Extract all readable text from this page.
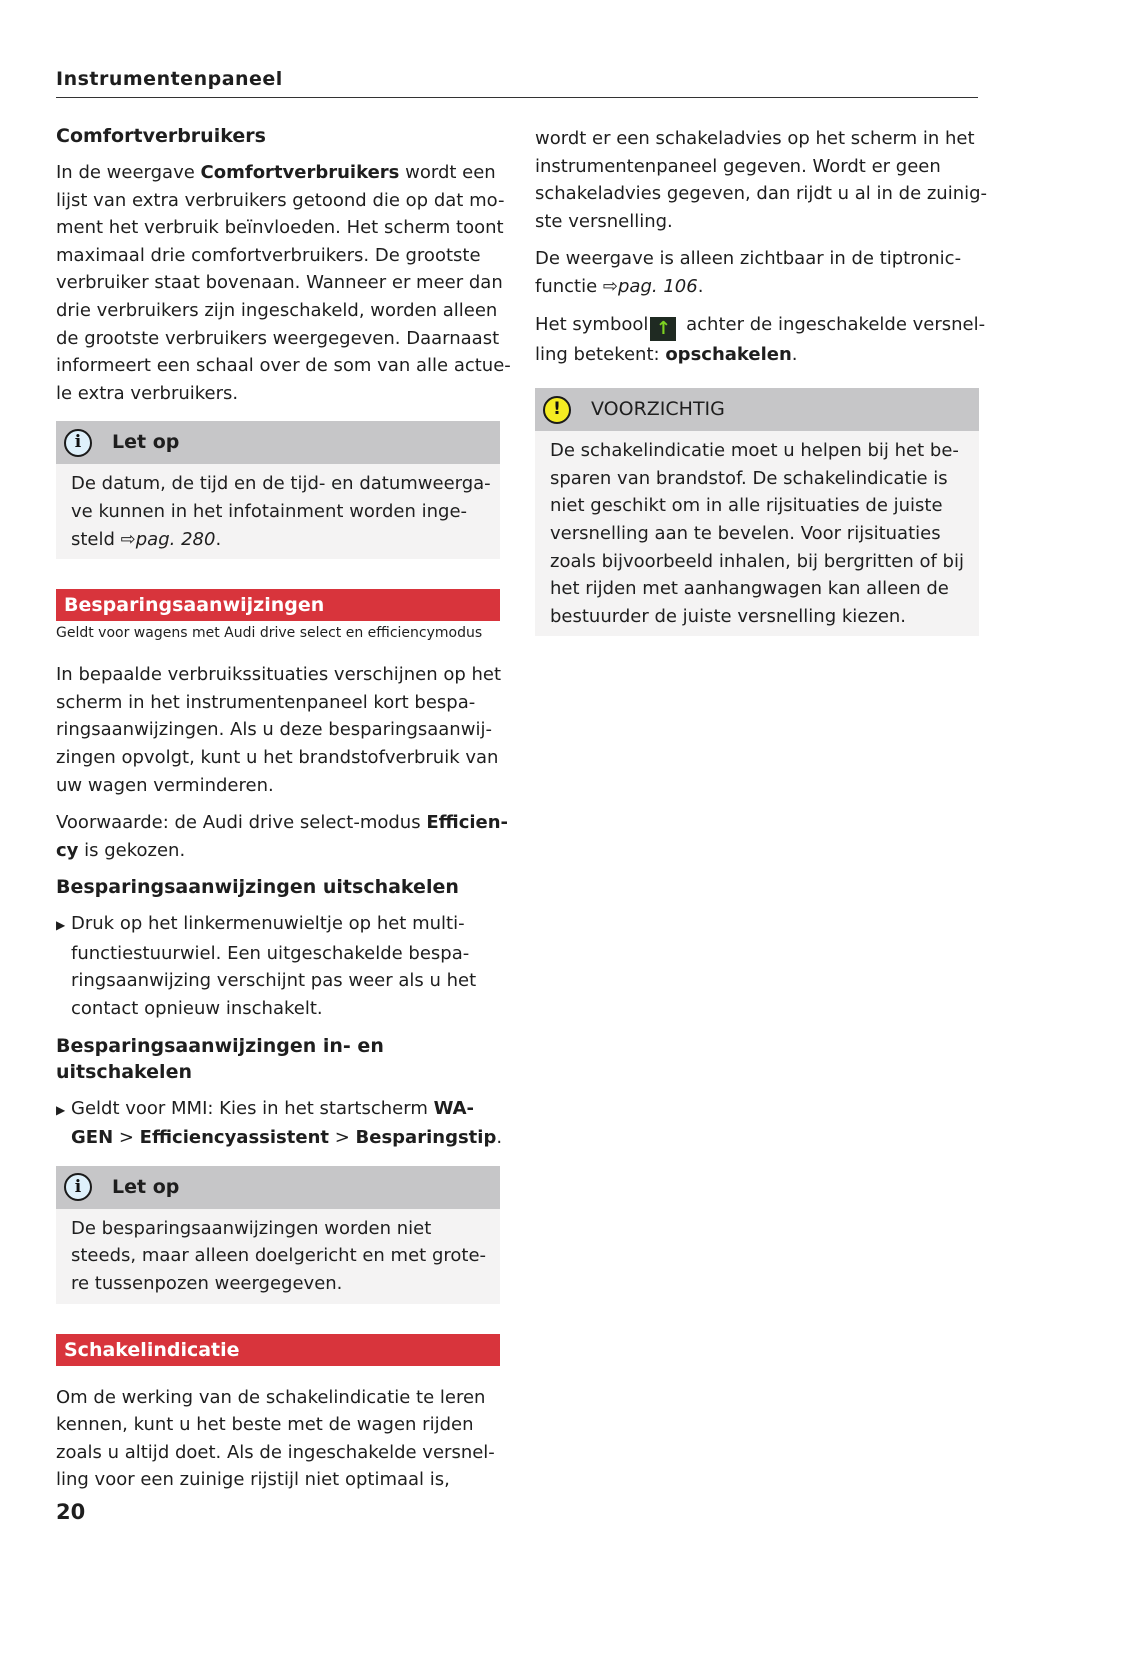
Instrumentenpaneel
Comfortverbruikers
In de weergave Comfortverbruikers wordt een
lijst van extra verbruikers getoond die op dat mo-
ment het verbruik beïnvloeden. Het scherm toont
maximaal drie comfortverbruikers. De grootste
verbruiker staat bovenaan. Wanneer er meer dan
drie verbruikers zijn ingeschakeld, worden alleen
de grootste verbruikers weergegeven. Daarnaast
informeert een schaal over de som van alle actue-
le extra verbruikers.
i	Let op
De datum, de tijd en de tijd- en datumweerga-
ve kunnen in het infotainment worden inge-
steld ⇨pag. 280.
Besparingsaanwijzingen
Geldt voor wagens met Audi drive select en efficiencymodus
In bepaalde verbruikssituaties verschijnen op het
scherm in het instrumentenpaneel kort bespa-
ringsaanwijzingen. Als u deze besparingsaanwij-
zingen opvolgt, kunt u het brandstofverbruik van
uw wagen verminderen.
Voorwaarde: de Audi drive select-modus Efficien-
cy is gekozen.
Besparingsaanwijzingen uitschakelen
▶ Druk op het linkermenuwieltje op het multi-
functiestuurwiel. Een uitgeschakelde bespa-
ringsaanwijzing verschijnt pas weer als u het
contact opnieuw inschakelt.
Besparingsaanwijzingen in- en uitschakelen
▶ Geldt voor MMI: Kies in het startscherm WA-
GEN > Efficiencyassistent > Besparingstip.
i	Let op
De besparingsaanwijzingen worden niet
steeds, maar alleen doelgericht en met grote-
re tussenpozen weergegeven.
Schakelindicatie
Om de werking van de schakelindicatie te leren
kennen, kunt u het beste met de wagen rijden
zoals u altijd doet. Als de ingeschakelde versnel-
ling voor een zuinige rijstijl niet optimaal is,
wordt er een schakeladvies op het scherm in het
instrumentenpaneel gegeven. Wordt er geen
schakeladvies gegeven, dan rijdt u al in de zuinig-
ste versnelling.
De weergave is alleen zichtbaar in de tiptronic-
functie ⇨pag. 106.
Het symbool ↑ achter de ingeschakelde versnel-
ling betekent: opschakelen.
!	VOORZICHTIG
De schakelindicatie moet u helpen bij het be-
sparen van brandstof. De schakelindicatie is
niet geschikt om in alle rijsituaties de juiste
versnelling aan te bevelen. Voor rijsituaties
zoals bijvoorbeeld inhalen, bij bergritten of bij
het rijden met aanhangwagen kan alleen de
bestuurder de juiste versnelling kiezen.
20
